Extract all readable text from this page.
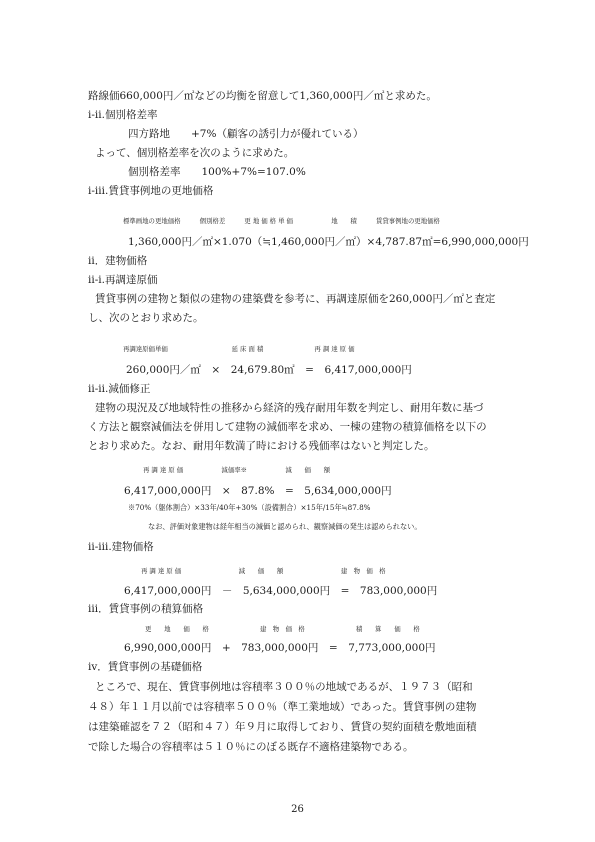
路線価660,000円／㎡などの均衡を留意して1,360,000円／㎡と求めた。
ⅰ-ⅱ.個別格差率
四方路地　　+7%（顧客の誘引力が優れている）
よって、個別格差率を次のように求めた。
個別格差率　　100%+7%=107.0%
ⅰ-ⅲ.賃貸事例地の更地価格
標準画地の更地価格　　　個別格差　　　更 地 価 格 単 価　　　　　　地　　積　　　賃貸事例地の更地価格
1,360,000円／㎡×1.070（≒1,460,000円／㎡）×4,787.87㎡=6,990,000,000円
ⅱ．建物価格
ⅱ-ⅰ.再調達原価
賃貸事例の建物と類似の建物の建築費を参考に、再調達原価を260,000円／㎡と査定
し、次のとおり求めた。
再調達原価単価　　　　　　　　　　延 床 面 積　　　　　　　　再 調 達 原 価
260,000円／㎡　×　24,679.80㎡　=　6,417,000,000円
ⅱ-ⅱ.減価修正
建物の現況及び地域特性の推移から経済的残存耐用年数を判定し、耐用年数に基づ
く方法と観察減価法を併用して建物の減価率を求め、一棟の建物の積算価格を以下の
とおり求めた。なお、耐用年数満了時における残価率はないと判定した。
再 調 達 原 価　　　　　　減価率※　　　　　　減　　価　　額
6,417,000,000円　×　87.8%　=　5,634,000,000円
※70%（躯体割合）×33年/40年+30%（設備割合）×15年/15年≒87.8%
なお、評価対象建物は経年相当の減価と認められ、観察減価の発生は認められない。
ⅱ-ⅲ.建物価格
再 調 達 原 価　　　　　　　　　減　　価　　額　　　　　　　　　建　物　価　格
6,417,000,000円　－　5,634,000,000円　=　783,000,000円
ⅲ．賃貸事例の積算価格
更　　地　　価　　格　　　　　　　　建　物　価　格　　　　　　　　積　　算　　価　　格
6,990,000,000円　+　783,000,000円　=　7,773,000,000円
ⅳ．賃貸事例の基礎価格
ところで、現在、賃貸事例地は容積率３００％の地域であるが、１９７３（昭和
４８）年１１月以前では容積率５００％（準工業地域）であった。賃貸事例の建物
は建築確認を７２（昭和４７）年９月に取得しており、賃貸の契約面積を敷地面積
で除した場合の容積率は５１０％にのぼる既存不適格建築物である。
26
